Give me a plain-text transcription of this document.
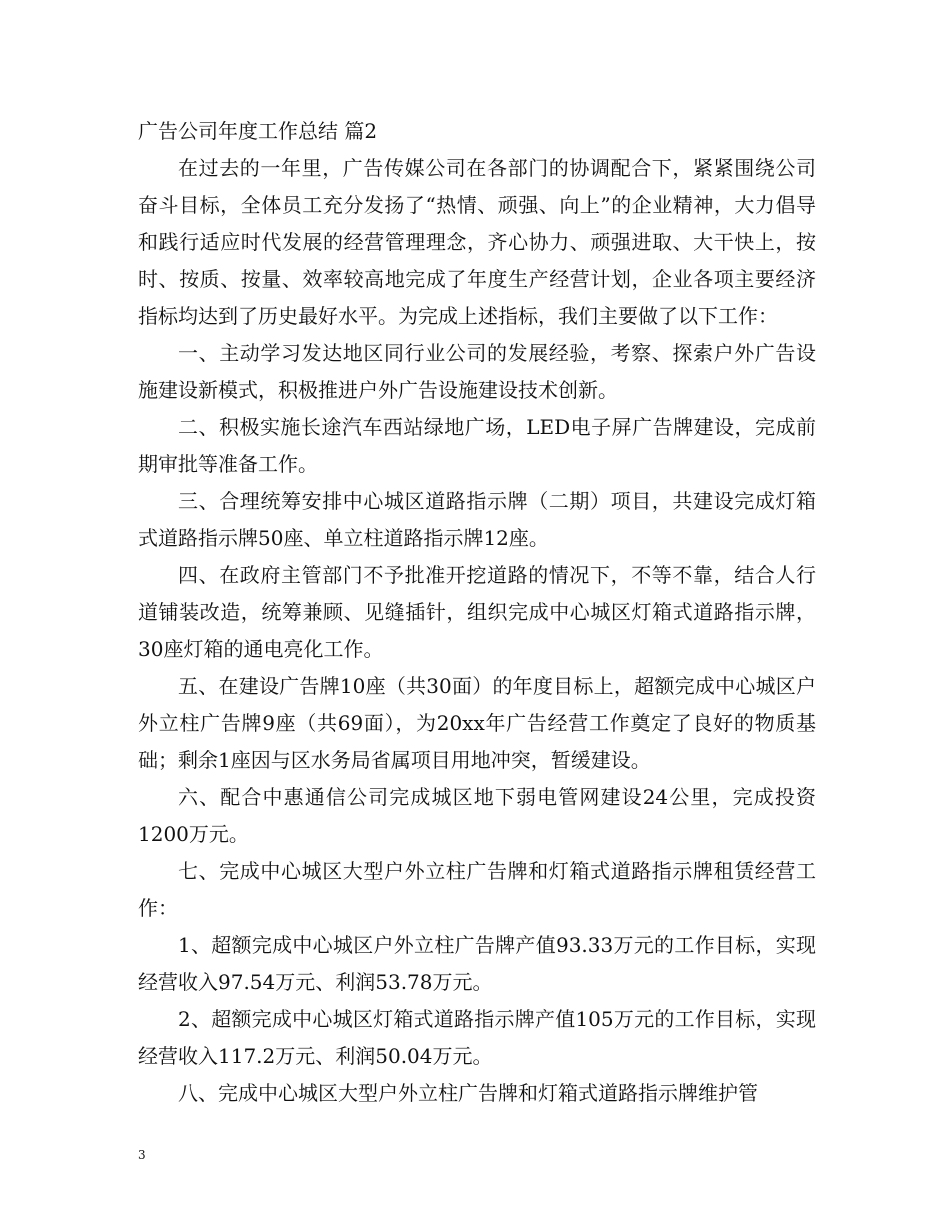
广告公司年度工作总结 篇2

在过去的一年里，广告传媒公司在各部门的协调配合下，紧紧围绕公司奋斗目标，全体员工充分发扬了“热情、顽强、向上”的企业精神，大力倡导和践行适应时代发展的经营管理理念，齐心协力、顽强进取、大干快上，按时、按质、按量、效率较高地完成了年度生产经营计划，企业各项主要经济指标均达到了历史最好水平。为完成上述指标，我们主要做了以下工作：

一、主动学习发达地区同行业公司的发展经验，考察、探索户外广告设施建设新模式，积极推进户外广告设施建设技术创新。

二、积极实施长途汽车西站绿地广场，LED电子屏广告牌建设，完成前期审批等准备工作。

三、合理统筹安排中心城区道路指示牌（二期）项目，共建设完成灯箱式道路指示牌50座、单立柱道路指示牌12座。

四、在政府主管部门不予批准开挖道路的情况下，不等不靠，结合人行道铺装改造，统筹兼顾、见缝插针，组织完成中心城区灯箱式道路指示牌，30座灯箱的通电亮化工作。

五、在建设广告牌10座（共30面）的年度目标上，超额完成中心城区户外立柱广告牌9座（共69面），为20xx年广告经营工作奠定了良好的物质基础；剩余1座因与区水务局省属项目用地冲突，暂缓建设。

六、配合中惠通信公司完成城区地下弱电管网建设24公里，完成投资1200万元。

七、完成中心城区大型户外立柱广告牌和灯箱式道路指示牌租赁经营工作：

1、超额完成中心城区户外立柱广告牌产值93.33万元的工作目标，实现经营收入97.54万元、利润53.78万元。

2、超额完成中心城区灯箱式道路指示牌产值105万元的工作目标，实现经营收入117.2万元、利润50.04万元。

八、完成中心城区大型户外立柱广告牌和灯箱式道路指示牌维护管

3
